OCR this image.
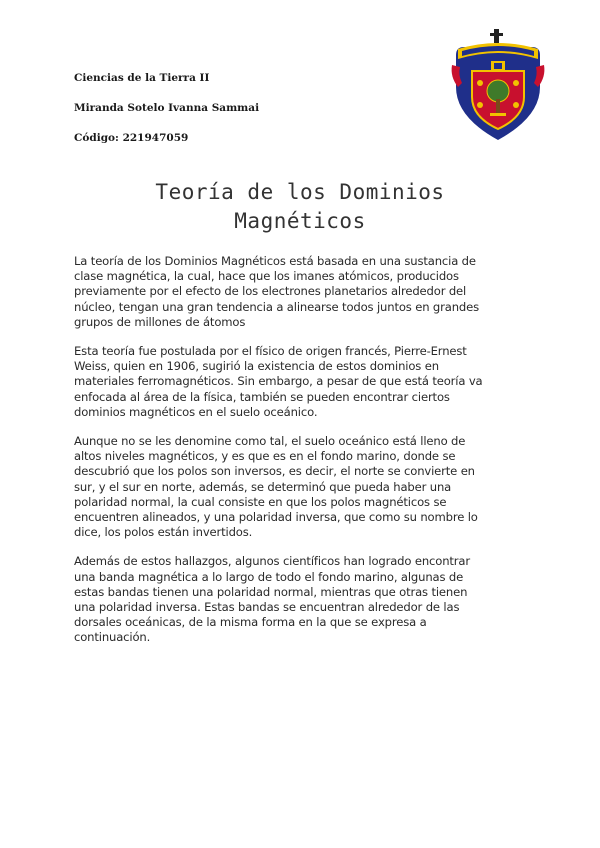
Ciencias de la Tierra II
Miranda Sotelo Ivanna Sammai
Código: 221947059
Teoría de los Dominios
Magnéticos
La teoría de los Dominios Magnéticos está basada en una sustancia de
clase magnética, la cual, hace que los imanes atómicos, producidos
previamente por el efecto de los electrones planetarios alrededor del
núcleo, tengan una gran tendencia a alinearse todos juntos en grandes
grupos de millones de átomos
Esta teoría fue postulada por el físico de origen francés, Pierre-Ernest
Weiss, quien en 1906, sugirió la existencia de estos dominios en
materiales ferromagnéticos. Sin embargo, a pesar de que está teoría va
enfocada al área de la física, también se pueden encontrar ciertos
dominios magnéticos en el suelo oceánico.
Aunque no se les denomine como tal, el suelo oceánico está lleno de
altos niveles magnéticos, y es que es en el fondo marino, donde se
descubrió que los polos son inversos, es decir, el norte se convierte en
sur, y el sur en norte, además, se determinó que pueda haber una
polaridad normal, la cual consiste en que los polos magnéticos se
encuentren alineados, y una polaridad inversa, que como su nombre lo
dice, los polos están invertidos.
Además de estos hallazgos, algunos científicos han logrado encontrar
una banda magnética a lo largo de todo el fondo marino, algunas de
estas bandas tienen una polaridad normal, mientras que otras tienen
una polaridad inversa. Estas bandas se encuentran alrededor de las
dorsales oceánicas, de la misma forma en la que se expresa a
continuación.
